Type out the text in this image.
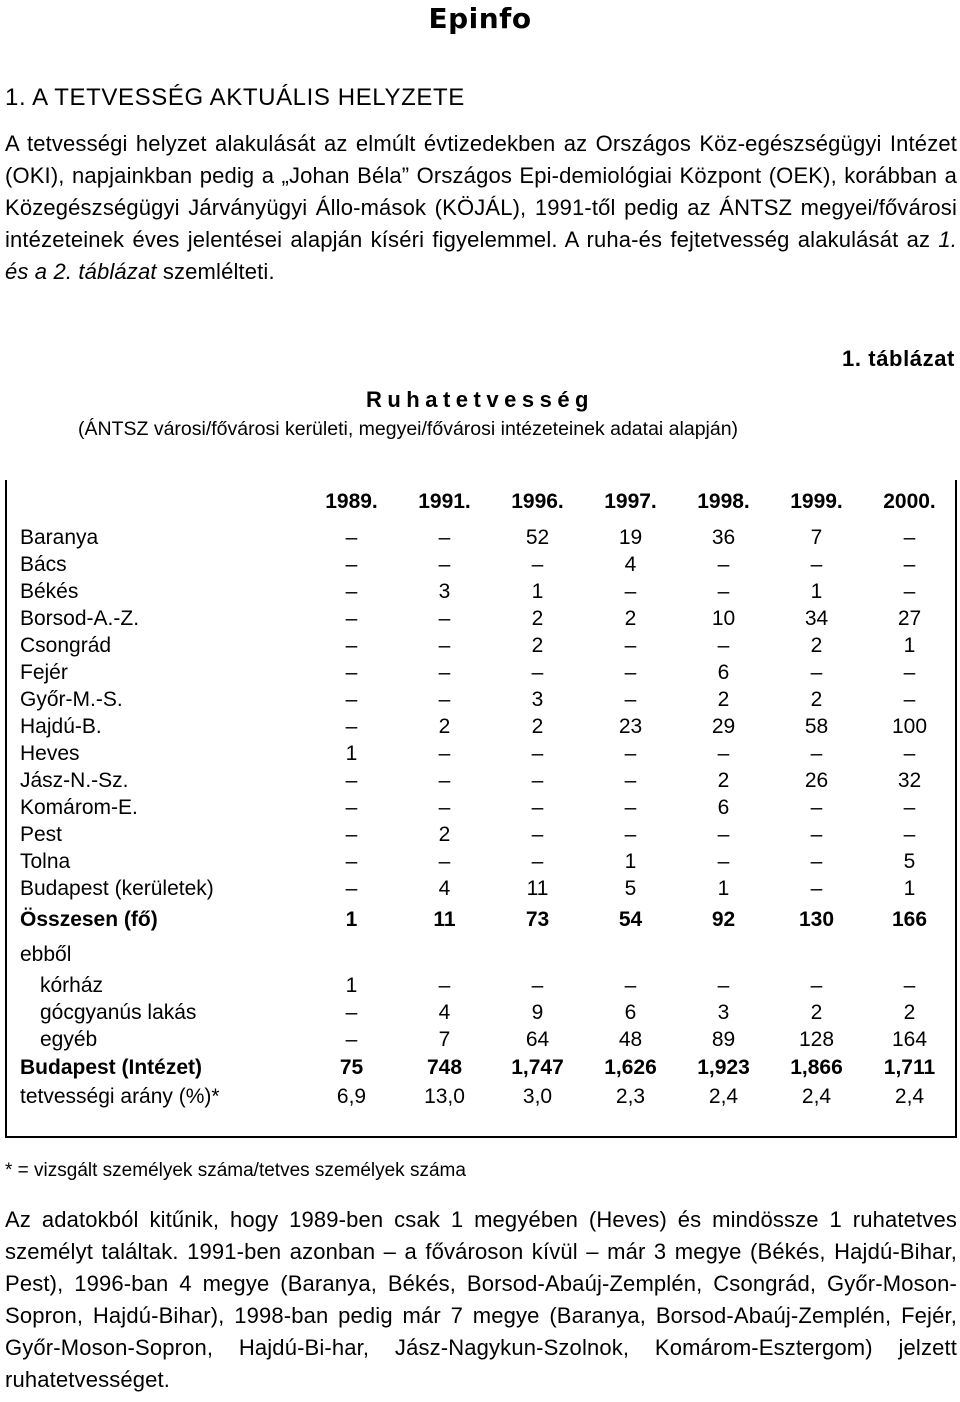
Epinfo
1. A TETVESSÉG AKTUÁLIS HELYZETE

A tetvességi helyzet alakulását az elmúlt évtizedekben az Országos Köz-egészségügyi Intézet (OKI), napjainkban pedig a „Johan Béla” Országos Epi-demiológiai Központ (OEK), korábban a Közegészségügyi Járványügyi Állo-mások (KÖJÁL), 1991-től pedig az ÁNTSZ megyei/fővárosi intézeteinek éves jelentései alapján kíséri figyelemmel. A ruha-és fejtetvesség alakulását az 1. és a 2. táblázat szemlélteti.

1. táblázat
Ruhatetvesség
(ÁNTSZ városi/fővárosi kerületi, megyei/fővárosi intézeteinek adatai alapján)
	1989.	1991.	1996.	1997.	1998.	1999.	2000.
Baranya	–	–	52	19	36	7	–
Bács	–	–	–	4	–	–	–
Békés	–	3	1	–	–	1	–
Borsod-A.-Z.	–	–	2	2	10	34	27
Csongrád	–	–	2	–	–	2	1
Fejér	–	–	–	–	6	–	–
Győr-M.-S.	–	–	3	–	2	2	–
Hajdú-B.	–	2	2	23	29	58	100
Heves	1	–	–	–	–	–	–
Jász-N.-Sz.	–	–	–	–	2	26	32
Komárom-E.	–	–	–	–	6	–	–
Pest	–	2	–	–	–	–	–
Tolna	–	–	–	1	–	–	5
Budapest (kerületek)	–	4	11	5	1	–	1
Összesen (fő)	1	11	73	54	92	130	166
ebből							
kórház	1	–	–	–	–	–	–
gócgyanús lakás	–	4	9	6	3	2	2
egyéb	–	7	64	48	89	128	164
Budapest (Intézet)	75	748	1,747	1,626	1,923	1,866	1,711
tetvességi arány (%)*	6,9	13,0	3,0	2,3	2,4	2,4	2,4
* = vizsgált személyek száma/tetves személyek száma
Az adatokból kitűnik, hogy 1989-ben csak 1 megyében (Heves) és mindössze 1 ruhatetves személyt találtak. 1991-ben azonban – a fővároson kívül – már 3 megye (Békés, Hajdú-Bihar, Pest), 1996-ban 4 megye (Baranya, Békés, Borsod-Abaúj-Zemplén, Csongrád, Győr-Moson-Sopron, Hajdú-Bihar), 1998-ban pedig már 7 megye (Baranya, Borsod-Abaúj-Zemplén, Fejér, Győr-Moson-Sopron, Hajdú-Bi-har, Jász-Nagykun-Szolnok, Komárom-Esztergom) jelzett ruhatetvességet.
